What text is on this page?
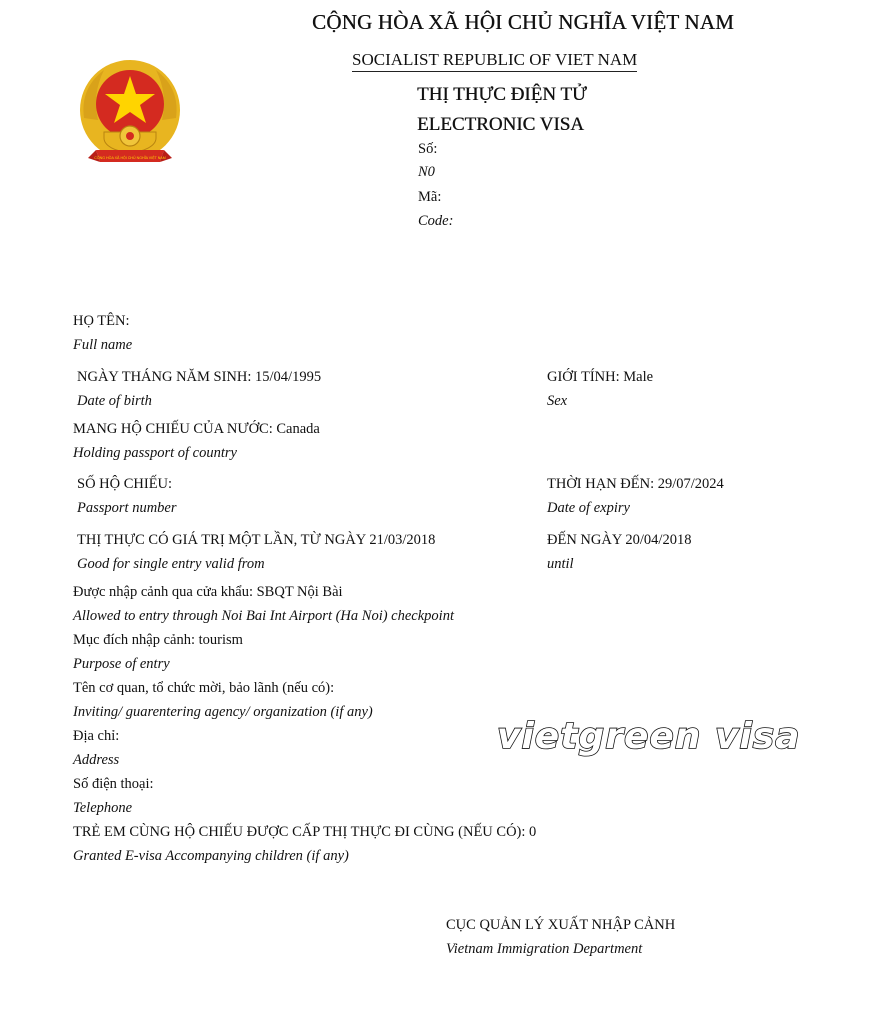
CỘNG HÒA XÃ HỘI CHỦ NGHĨA VIỆT NAM
SOCIALIST REPUBLIC OF VIET NAM
CỘNG HÒA XÃ HỘI CHỦ NGHĨA VIỆT NAM
THỊ THỰC ĐIỆN TỬ
ELECTRONIC VISA
Số:
N0
Mã:
Code:
HỌ TÊN:
Full name
NGÀY THÁNG NĂM SINH: 15/04/1995
Date of birth
GIỚI TÍNH: Male
Sex
MANG HỘ CHIẾU CỦA NƯỚC: Canada
Holding passport of country
SỐ HỘ CHIẾU:
Passport number
THỜI HẠN ĐẾN: 29/07/2024
Date of expiry
THỊ THỰC CÓ GIÁ TRỊ MỘT LẦN, TỪ NGÀY 21/03/2018
Good for single entry valid from
ĐẾN NGÀY 20/04/2018
until
Được nhập cảnh qua cửa khẩu: SBQT Nội Bài
Allowed to entry through Noi Bai Int Airport (Ha Noi) checkpoint
Mục đích nhập cảnh: tourism
Purpose of entry
Tên cơ quan, tổ chức mời, bảo lãnh (nếu có):
Inviting/ guarentering agency/ organization (if any)
Địa chỉ:
Address
Số điện thoại:
Telephone
TRẺ EM CÙNG HỘ CHIẾU ĐƯỢC CẤP THỊ THỰC ĐI CÙNG (NẾU CÓ): 0
Granted E-visa Accompanying children (if any)
vietgreen visa
CỤC QUẢN LÝ XUẤT NHẬP CẢNH
Vietnam Immigration Department
